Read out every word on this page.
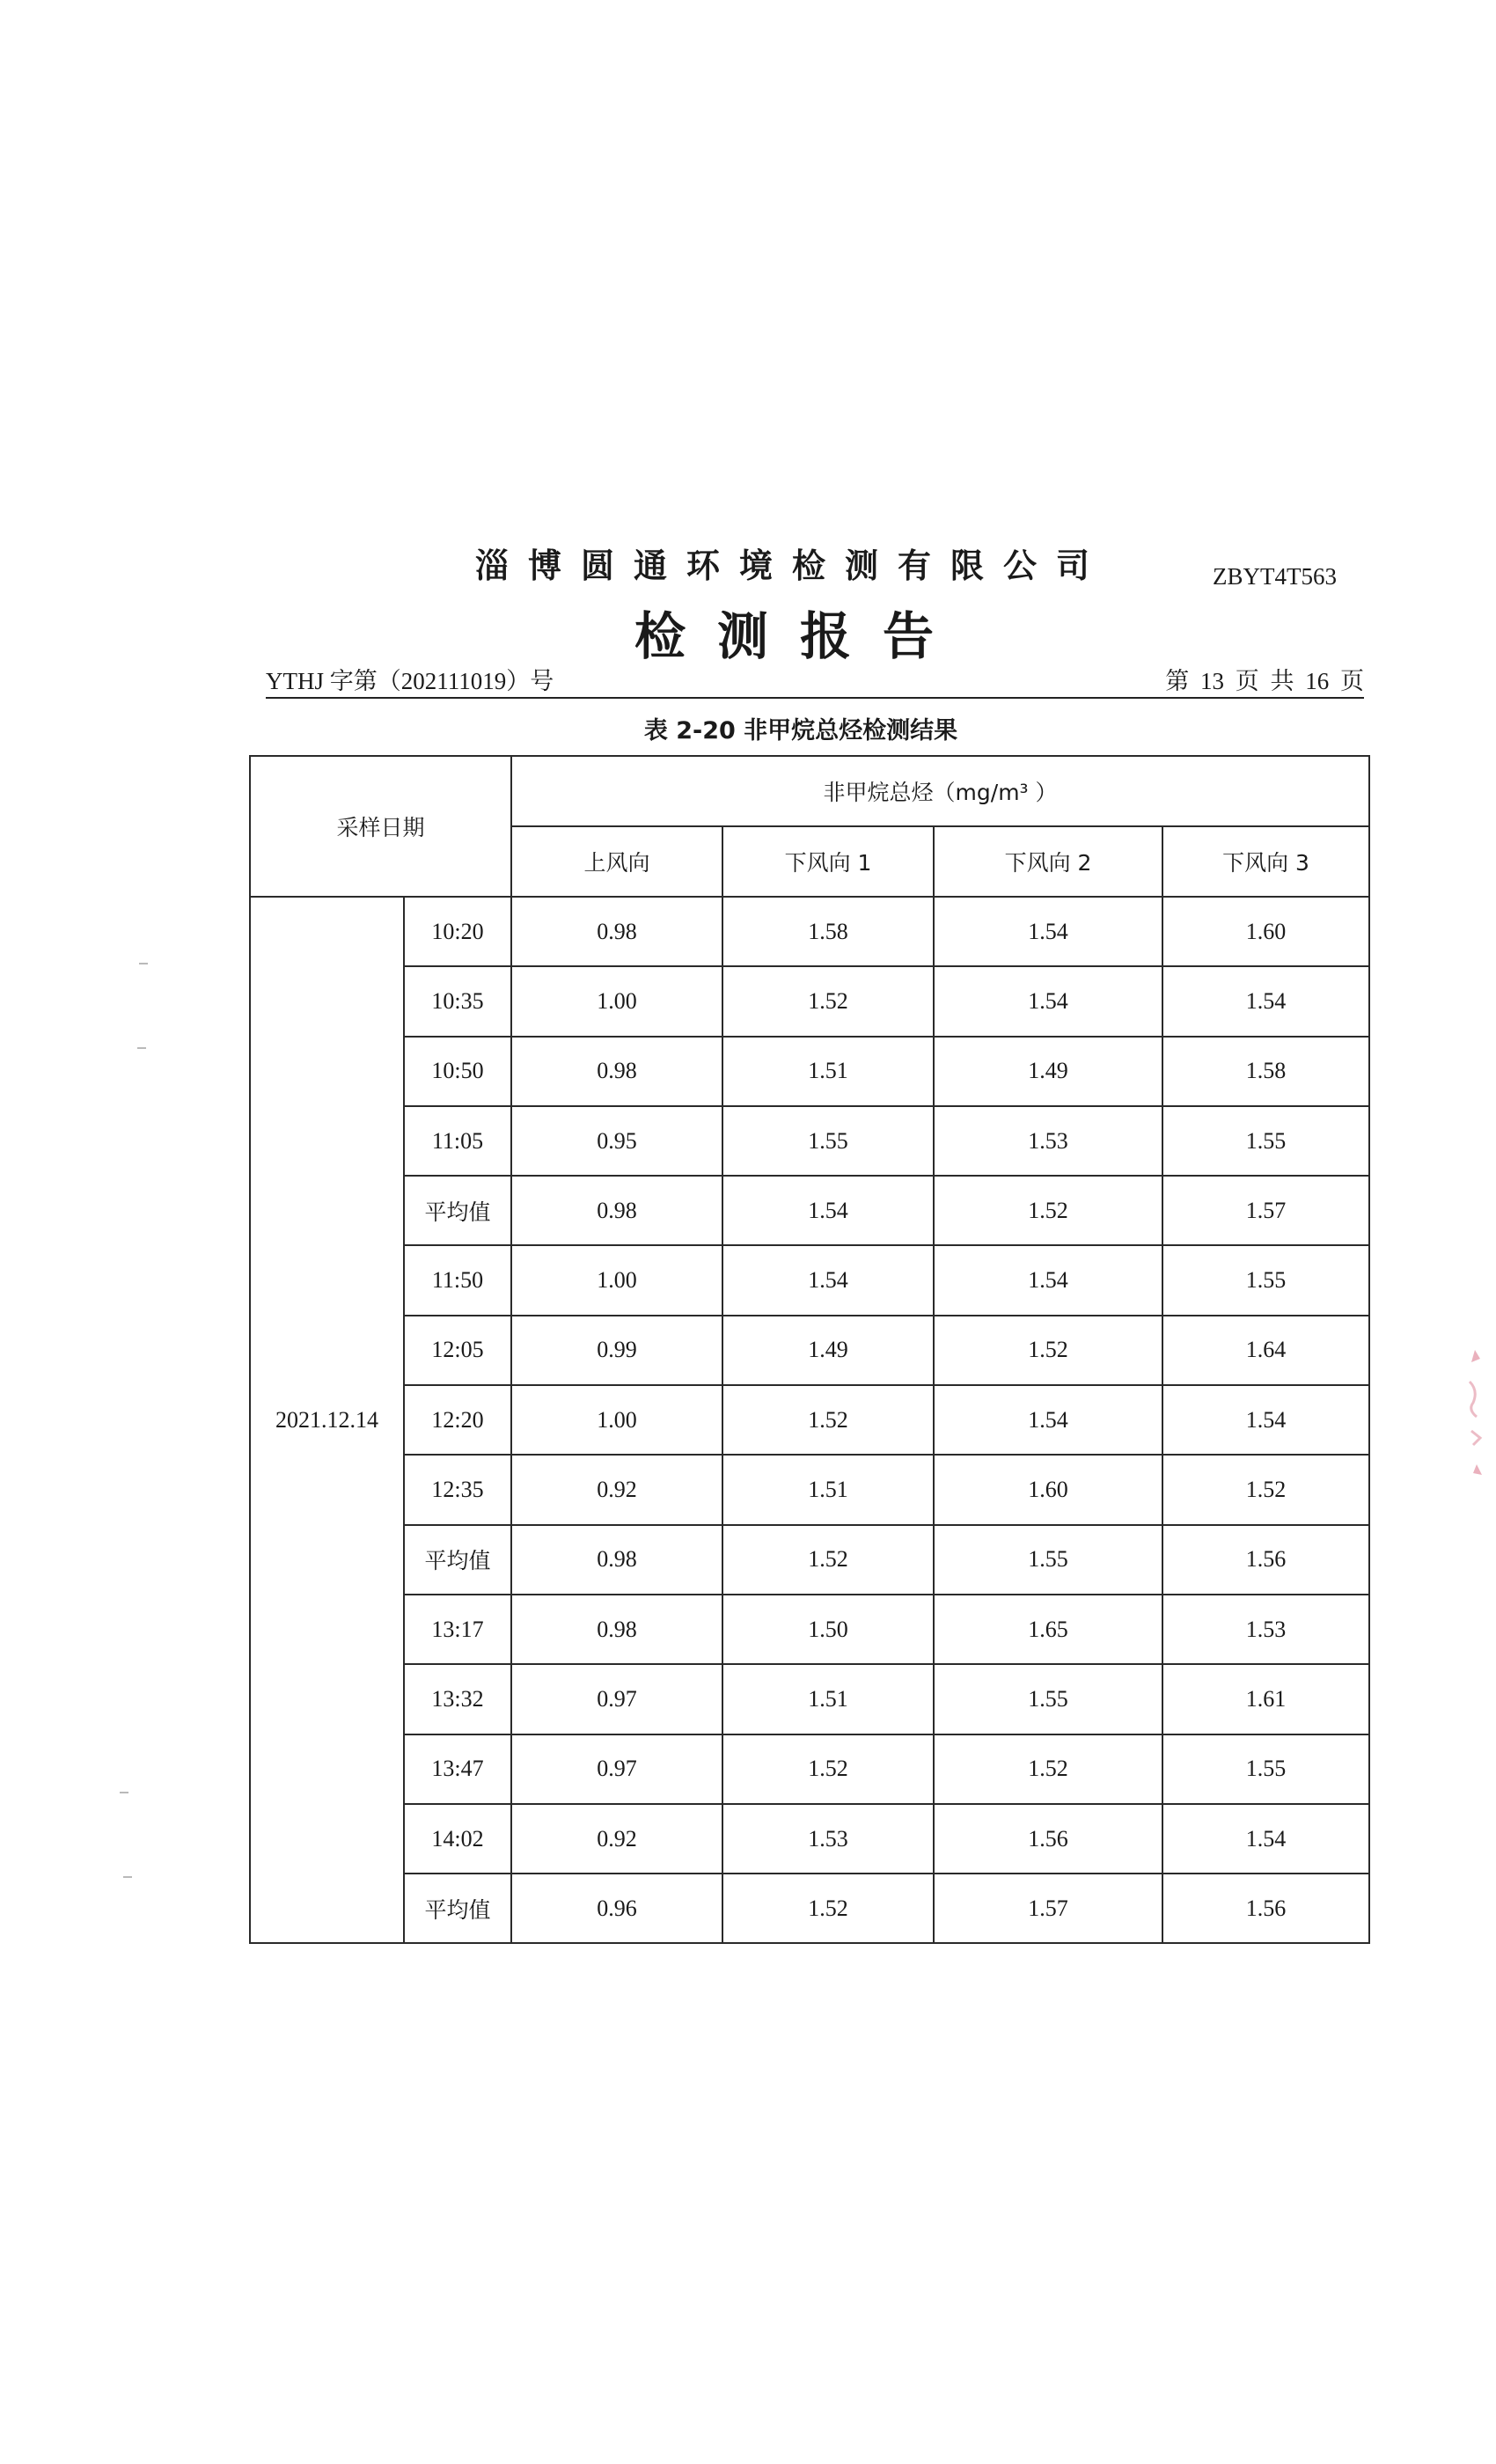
淄博圆通环境检测有限公司	ZBYT4T563
检测报告
YTHJ 字第（202111019）号	第 13 页 共 16 页
表 2-20 非甲烷总烃检测结果
采样日期		非甲烷总烃（mg/m³ ）			
		上风向	下风向 1	下风向 2	下风向 3
2021.12.14	10:20	0.98	1.58	1.54	1.60
	10:35	1.00	1.52	1.54	1.54
	10:50	0.98	1.51	1.49	1.58
	11:05	0.95	1.55	1.53	1.55
	平均值	0.98	1.54	1.52	1.57
	11:50	1.00	1.54	1.54	1.55
	12:05	0.99	1.49	1.52	1.64
	12:20	1.00	1.52	1.54	1.54
	12:35	0.92	1.51	1.60	1.52
	平均值	0.98	1.52	1.55	1.56
	13:17	0.98	1.50	1.65	1.53
	13:32	0.97	1.51	1.55	1.61
	13:47	0.97	1.52	1.52	1.55
	14:02	0.92	1.53	1.56	1.54
	平均值	0.96	1.52	1.57	1.56
